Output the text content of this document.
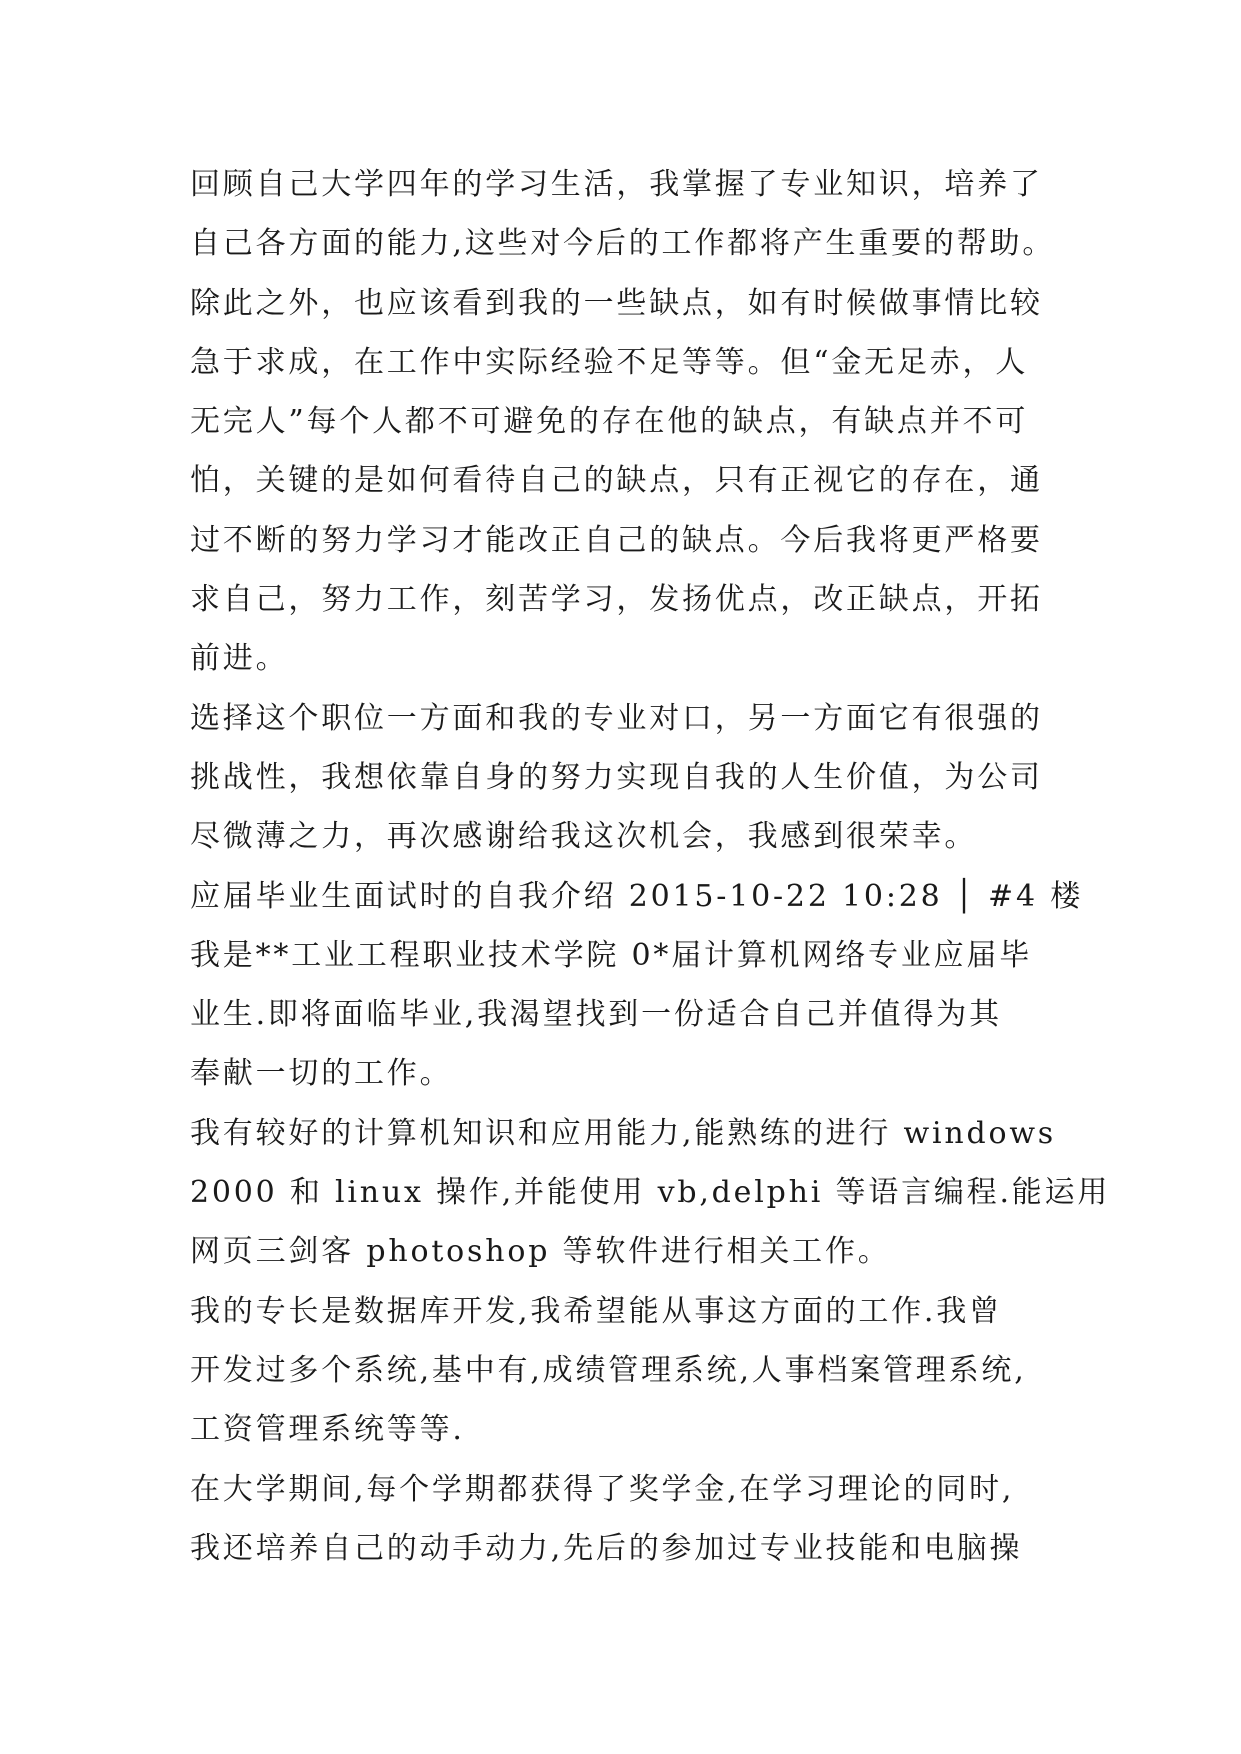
回顾自己大学四年的学习生活，我掌握了专业知识，培养了
自己各方面的能力,这些对今后的工作都将产生重要的帮助。
除此之外，也应该看到我的一些缺点，如有时候做事情比较
急于求成，在工作中实际经验不足等等。但“金无足赤，人
无完人”每个人都不可避免的存在他的缺点，有缺点并不可
怕，关键的是如何看待自己的缺点，只有正视它的存在，通
过不断的努力学习才能改正自己的缺点。今后我将更严格要
求自己，努力工作，刻苦学习，发扬优点，改正缺点，开拓
前进。
选择这个职位一方面和我的专业对口，另一方面它有很强的
挑战性，我想依靠自身的努力实现自我的人生价值，为公司
尽微薄之力，再次感谢给我这次机会，我感到很荣幸。
应届毕业生面试时的自我介绍 2015-10-22 10:28 │ #4 楼
我是**工业工程职业技术学院 0*届计算机网络专业应届毕
业生.即将面临毕业,我渴望找到一份适合自己并值得为其
奉献一切的工作。
我有较好的计算机知识和应用能力,能熟练的进行 windows
2000 和 linux 操作,并能使用 vb,delphi 等语言编程.能运用
网页三剑客 photoshop 等软件进行相关工作。
我的专长是数据库开发,我希望能从事这方面的工作.我曾
开发过多个系统,基中有,成绩管理系统,人事档案管理系统,
工资管理系统等等.
在大学期间,每个学期都获得了奖学金,在学习理论的同时,
我还培养自己的动手动力,先后的参加过专业技能和电脑操
